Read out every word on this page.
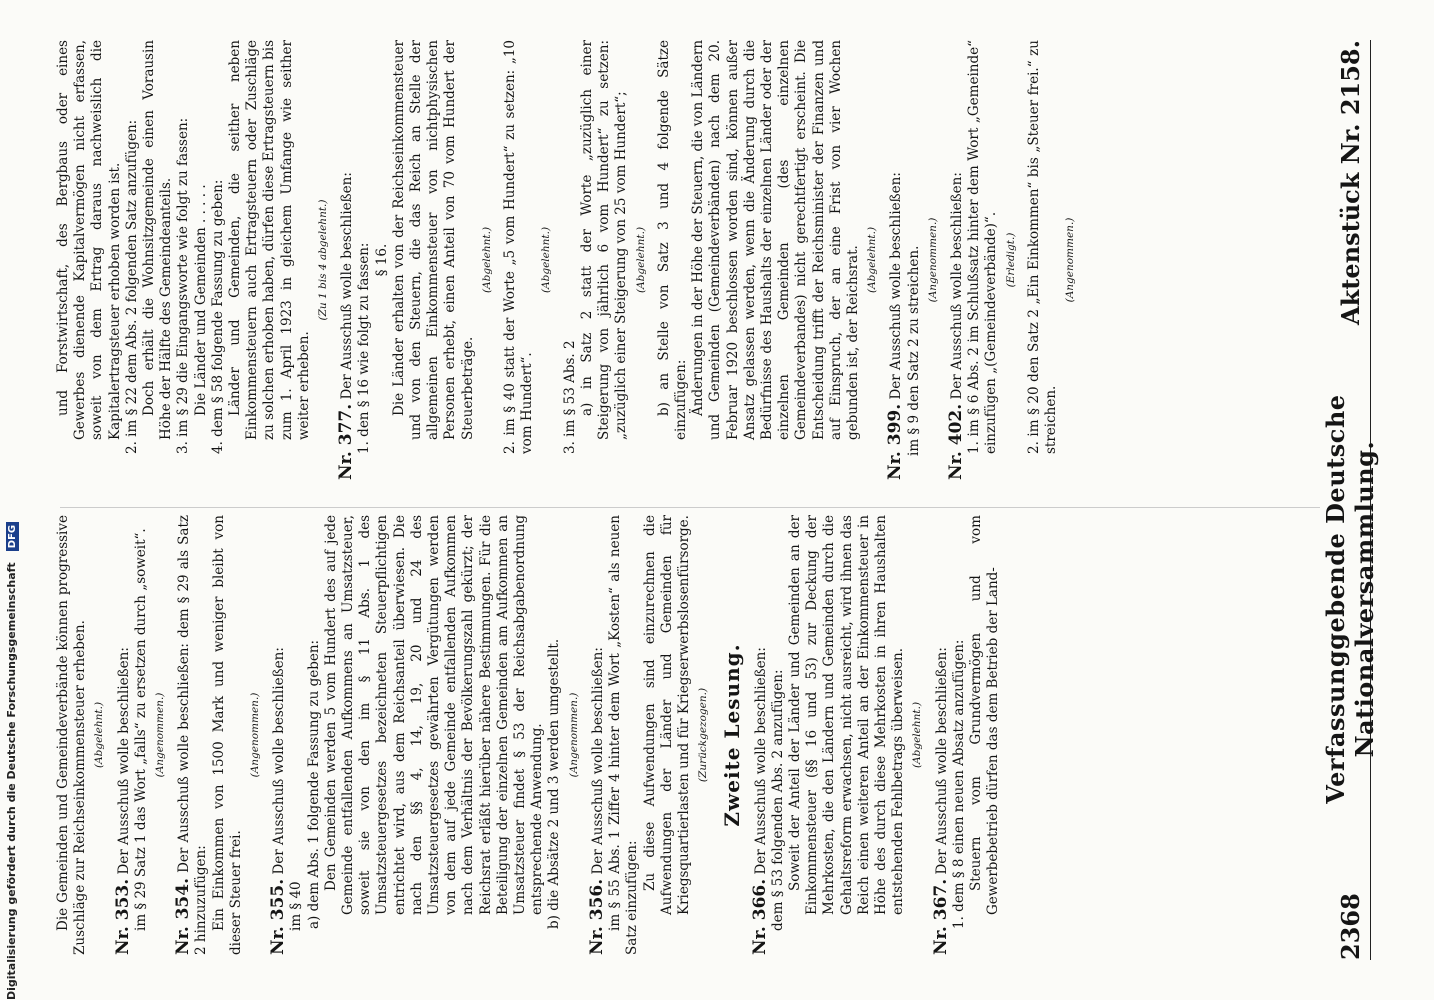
2368
Verfassunggebende Deutsche Nationalversammlung.
Aktenstück Nr. 2158.

Die Gemeinden und Gemeindeverbände können progressive Zuschläge zur Reichseinkommensteuer erheben. (Abgelehnt.)

Nr. 353. Der Ausschuß wolle beschließen: im § 29 Satz 1 das Wort „falls“ zu ersetzen durch „soweit“. (Angenommen.)

Nr. 354. Der Ausschuß wolle beschließen: dem § 29 als Satz 2 hinzuzufügen: Ein Einkommen von 1500 Mark und weniger bleibt von dieser Steuer frei.

(Angenommen.)

Nr. 355. Der Ausschuß wolle beschließen:

im § 40 a) dem Abs. 1 folgende Fassung zu geben: Den Gemeinden werden 5 vom Hundert des auf jede Gemeinde entfallenden Aufkommens an Umsatzsteuer, soweit sie von den im § 11 Abs. 1 des Umsatzsteuergesetzes bezeichneten Steuerpflichtigen entrichtet wird, aus dem Reichsanteil überwiesen. Die nach den §§ 4, 14, 19, 20 und 24 des Umsatzsteuergesetzes gewährten Vergütungen werden von dem auf jede Gemeinde entfallenden Aufkommen nach dem Verhältnis der Bevölkerungszahl gekürzt; der Reichsrat erläßt hierüber nähere Bestimmungen. Für die Beteiligung der einzelnen Gemeinden am Aufkommen an Umsatzsteuer findet § 53 der Reichsabgabenordnung entsprechende Anwendung. b) die Absätze 2 und 3 werden umgestellt. (Angenommen.)

Nr. 356. Der Ausschuß wolle beschließen: im § 55 Abs. 1 Ziffer 4 hinter dem Wort „Kosten“ als neuen Satz einzufügen:

Zu diese Aufwendungen sind einzurechnen die Aufwendungen der Länder und Gemeinden für Kriegsquartierlasten und für Kriegserwerbslosenfürsorge. (Zurückgezogen.) Zweite Lesung.

Nr. 366. Der Ausschuß wolle beschließen: dem § 53 folgenden Abs. 2 anzufügen: Soweit der Anteil der Länder und Gemeinden an der Einkommensteuer (§§ 16 und 53) zur Deckung der Mehrkosten, die den Ländern und Gemeinden durch die Gehaltsreform erwachsen, nicht ausreicht, wird ihnen das Reich einen weiteren Anteil an der Einkommensteuer in Höhe des durch diese Mehrkosten in ihren Haushalten entstehenden Fehlbetrags überweisen. (Abgelehnt.)

Nr. 367. Der Ausschuß wolle beschließen: 1. dem § 8 einen neuen Absatz anzufügen: Steuern vom Grundvermögen und vom Gewerbebetrieb dürfen das dem Betrieb der Land-

und Forstwirtschaft, des Bergbaus oder eines Gewerbes dienende Kapitalvermögen nicht erfassen, soweit von dem Ertrag daraus nachweislich die Kapitalertragsteuer erhoben worden ist. 2. im § 22 dem Abs. 2 folgenden Satz anzufügen: Doch erhält die Wohnsitzgemeinde einen Vorausin Höhe der Hälfte des Gemeindeanteils. 3. im § 29 die Eingangsworte wie folgt zu fassen: Die Länder und Gemeinden . . . . . 4. dem § 58 folgende Fassung zu geben: Länder und Gemeinden, die seither neben Einkommensteuern auch Ertragsteuern oder Zuschläge zu solchen erhoben haben, dürfen diese Ertragsteuern bis zum 1. April 1923 in gleichem Umfange wie seither weiter erheben.

(Zu 1 bis 4 abgelehnt.)

Nr. 377. Der Ausschuß wolle beschließen: 1. den § 16 wie folgt zu fassen: § 16. Die Länder erhalten von der Reichseinkommensteuer und von den Steuern, die das Reich an Stelle der allgemeinen Einkommensteuer von nichtphysischen Personen erhebt, einen Anteil von 70 vom Hundert der Steuerbeträge.

(Abgelehnt.) 2. im § 40 statt der Worte „5 vom Hundert“ zu setzen: „10 vom Hundert“.

(Abgelehnt.)

3. im § 53 Abs. 2 a) in Satz 2 statt der Worte „zuzüglich einer Steigerung von jährlich 6 vom Hundert“ zu setzen: „zuzüglich einer Steigerung von 25 vom Hundert“; (Abgelehnt.) b) an Stelle von Satz 3 und 4 folgende Sätze einzufügen: Änderungen in der Höhe der Steuern, die von Ländern und Gemeinden (Gemeindeverbänden) nach dem 20. Februar 1920 beschlossen worden sind, können außer Ansatz gelassen werden, wenn die Änderung durch die Bedürfnisse des Haushalts der einzelnen Länder oder der einzelnen Gemeinden (des einzelnen Gemeindeverbandes) nicht gerechtfertigt erscheint. Die Entscheidung trifft der Reichsminister der Finanzen und auf Einspruch, der an eine Frist von vier Wochen gebunden ist, der Reichsrat. (Abgelehnt.)

Nr. 399. Der Ausschuß wolle beschließen: im § 9 den Satz 2 zu streichen. (Angenommen.)

Nr. 402. Der Ausschuß wolle beschließen: 1. im § 6 Abs. 2 im Schlußsatz hinter dem Wort „Gemeinde“ einzufügen „(Gemeindeverbände)“. (Erledigt.) 2. im § 20 den Satz 2 „Ein Einkommen“ bis „Steuer frei.“ zu streichen.

(Angenommen.)

Digitalisierung gefördert durch die Deutsche Forschungsgemeinschaft DFG
